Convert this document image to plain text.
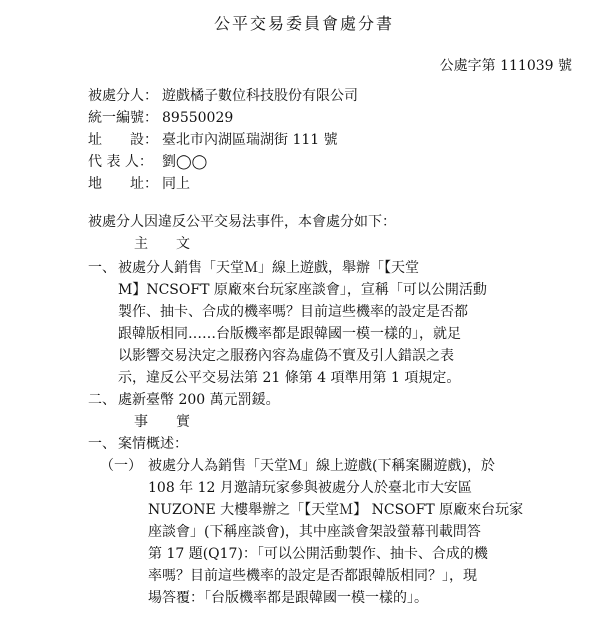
公平交易委員會處分書
公處字第 111039 號
被處分人： 遊戲橘子數位科技股份有限公司
統一編號： 89550029
址　　設： 臺北市內湖區瑞湖街 111 號
代 表 人： 劉◯◯
地　　址： 同上
被處分人因違反公平交易法事件，本會處分如下：
主　　文
一、 被處分人銷售「天堂Ｍ」線上遊戲，舉辦「【天堂
M】NCSOFT 原廠來台玩家座談會」，宣稱「可以公開活動
製作、抽卡、合成的機率嗎？目前這些機率的設定是否都
跟韓版相同……台版機率都是跟韓國一模一樣的」，就足
以影響交易決定之服務內容為虛偽不實及引人錯誤之表
示，違反公平交易法第 21 條第 4 項準用第 1 項規定。
二、 處新臺幣 200 萬元罰鍰。
事　　實
一、 案情概述：
（一） 被處分人為銷售「天堂Ｍ」線上遊戲(下稱案關遊戲)，於
108 年 12 月邀請玩家參與被處分人於臺北市大安區
NUZONE 大樓舉辦之「【天堂Ｍ】 NCSOFT 原廠來台玩家
座談會」(下稱座談會)，其中座談會架設螢幕刊載問答
第 17 題(Q17)：「可以公開活動製作、抽卡、合成的機
率嗎？目前這些機率的設定是否都跟韓版相同？」，現
場答覆：「台版機率都是跟韓國一模一樣的」。
